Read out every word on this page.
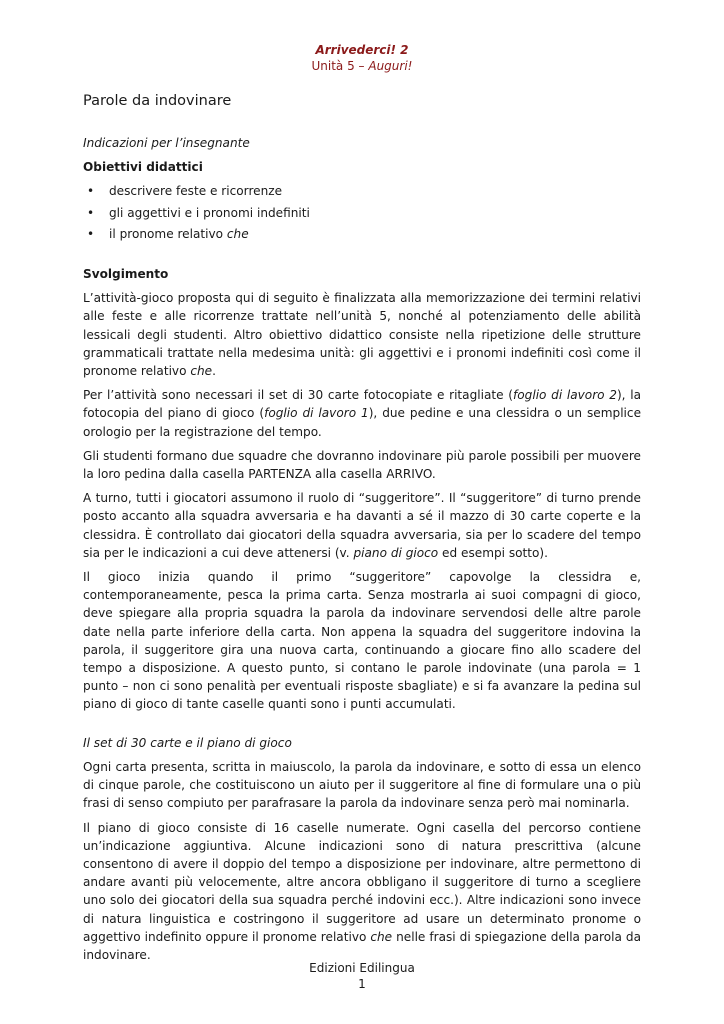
Arrivederci! 2
Unità 5 – Auguri!
Parole da indovinare

Indicazioni per l’insegnante

Obiettivi didattici

• descrivere feste e ricorrenze
• gli aggettivi e i pronomi indefiniti
• il pronome relativo che

Svolgimento

L’attività-gioco proposta qui di seguito è finalizzata alla memorizzazione dei termini relativi alle feste e alle ricorrenze trattate nell’unità 5, nonché al potenziamento delle abilità lessicali degli studenti. Altro obiettivo didattico consiste nella ripetizione delle strutture grammaticali trattate nella medesima unità: gli aggettivi e i pronomi indefiniti così come il pronome relativo che.

Per l’attività sono necessari il set di 30 carte fotocopiate e ritagliate (foglio di lavoro 2), la fotocopia del piano di gioco (foglio di lavoro 1), due pedine e una clessidra o un semplice orologio per la registrazione del tempo.

Gli studenti formano due squadre che dovranno indovinare più parole possibili per muovere la loro pedina dalla casella PARTENZA alla casella ARRIVO.

A turno, tutti i giocatori assumono il ruolo di “suggeritore”. Il “suggeritore” di turno prende posto accanto alla squadra avversaria e ha davanti a sé il mazzo di 30 carte coperte e la clessidra. È controllato dai giocatori della squadra avversaria, sia per lo scadere del tempo sia per le indicazioni a cui deve attenersi (v. piano di gioco ed esempi sotto).

Il gioco inizia quando il primo “suggeritore” capovolge la clessidra e, contemporaneamente, pesca la prima carta. Senza mostrarla ai suoi compagni di gioco, deve spiegare alla propria squadra la parola da indovinare servendosi delle altre parole date nella parte inferiore della carta. Non appena la squadra del suggeritore indovina la parola, il suggeritore gira una nuova carta, continuando a giocare fino allo scadere del tempo a disposizione. A questo punto, si contano le parole indovinate (una parola = 1 punto – non ci sono penalità per eventuali risposte sbagliate) e si fa avanzare la pedina sul piano di gioco di tante caselle quanti sono i punti accumulati.

Il set di 30 carte e il piano di gioco

Ogni carta presenta, scritta in maiuscolo, la parola da indovinare, e sotto di essa un elenco di cinque parole, che costituiscono un aiuto per il suggeritore al fine di formulare una o più frasi di senso compiuto per parafrasare la parola da indovinare senza però mai nominarla.

Il piano di gioco consiste di 16 caselle numerate. Ogni casella del percorso contiene un’indicazione aggiuntiva. Alcune indicazioni sono di natura prescrittiva (alcune consentono di avere il doppio del tempo a disposizione per indovinare, altre permettono di andare avanti più velocemente, altre ancora obbligano il suggeritore di turno a scegliere uno solo dei giocatori della sua squadra perché indovini ecc.). Altre indicazioni sono invece di natura linguistica e costringono il suggeritore ad usare un determinato pronome o aggettivo indefinito oppure il pronome relativo che nelle frasi di spiegazione della parola da indovinare.

Edizioni Edilingua
1
